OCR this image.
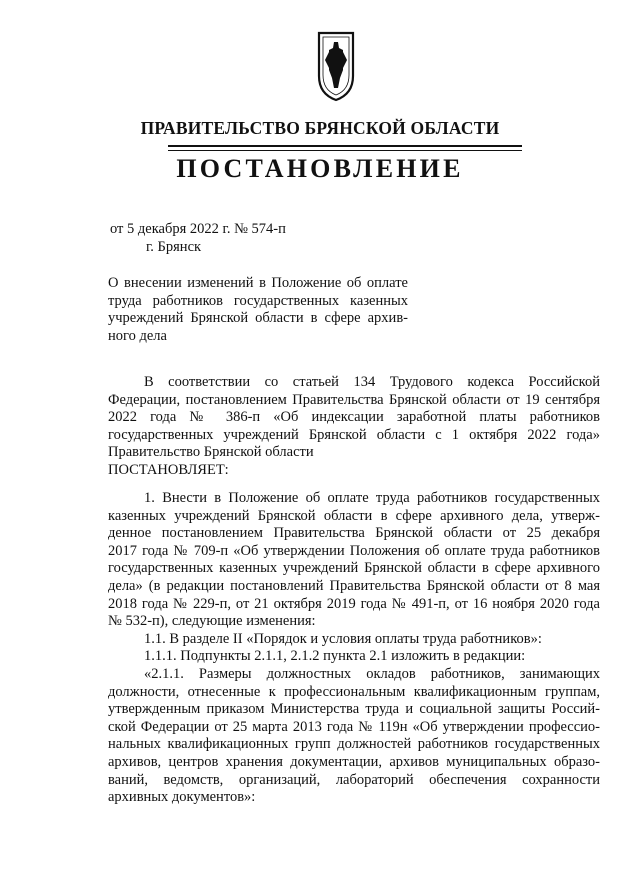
ПРАВИТЕЛЬСТВО БРЯНСКОЙ ОБЛАСТИ
ПОСТАНОВЛЕНИЕ
от 5 декабря 2022 г. № 574-п
г. Брянск
О внесении изменений в Положение об оплате
труда работников государственных казенных
учреждений Брянской области в сфере архив-
ного дела
В соответствии со статьей 134 Трудового кодекса Российской
Федерации, постановлением Правительства Брянской области от 19 сентября
2022 года № 386-п «Об индексации заработной платы работников
государственных учреждений Брянской области с 1 октября 2022 года»
Правительство Брянской области
ПОСТАНОВЛЯЕТ:
1. Внести в Положение об оплате труда работников государственных
казенных учреждений Брянской области в сфере архивного дела, утверж-
денное постановлением Правительства Брянской области от 25 декабря
2017 года № 709-п «Об утверждении Положения об оплате труда работников
государственных казенных учреждений Брянской области в сфере архивного
дела» (в редакции постановлений Правительства Брянской области от 8 мая
2018 года № 229-п, от 21 октября 2019 года № 491-п, от 16 ноября 2020 года
№ 532-п), следующие изменения:
1.1. В разделе II «Порядок и условия оплаты труда работников»:
1.1.1. Подпункты 2.1.1, 2.1.2 пункта 2.1 изложить в редакции:
«2.1.1. Размеры должностных окладов работников, занимающих
должности, отнесенные к профессиональным квалификационным группам,
утвержденным приказом Министерства труда и социальной защиты Россий-
ской Федерации от 25 марта 2013 года № 119н «Об утверждении профессио-
нальных квалификационных групп должностей работников государственных
архивов, центров хранения документации, архивов муниципальных образо-
ваний, ведомств, организаций, лабораторий обеспечения сохранности
архивных документов»:
